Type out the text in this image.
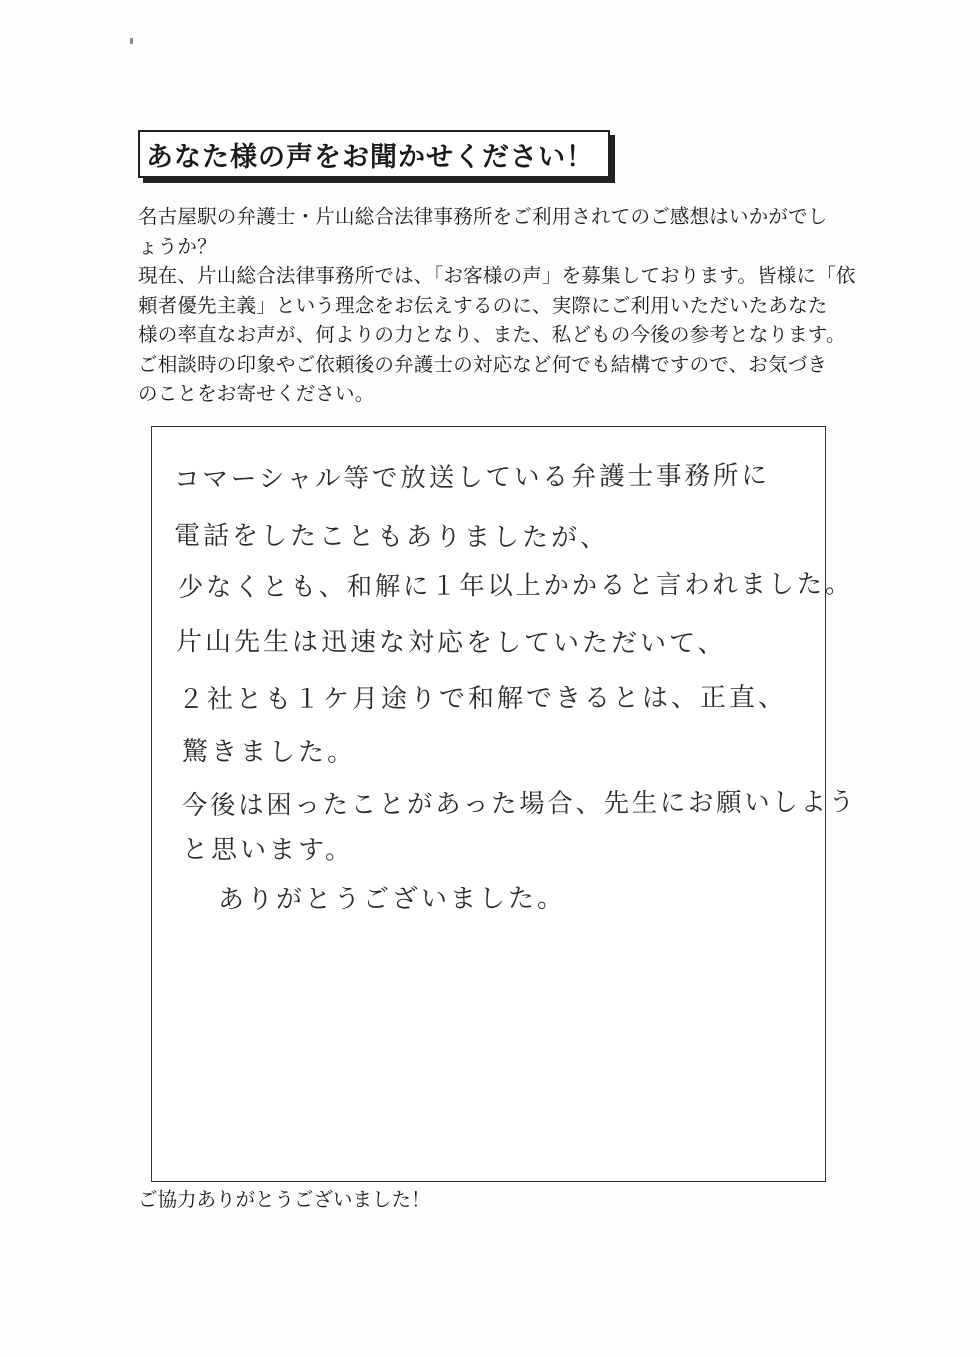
あなた様の声をお聞かせください！
名古屋駅の弁護士・片山総合法律事務所をご利用されてのご感想はいかがでし
ょうか？
現在、片山総合法律事務所では、「お客様の声」を募集しております。皆様に「依
頼者優先主義」という理念をお伝えするのに、実際にご利用いただいたあなた
様の率直なお声が、何よりの力となり、また、私どもの今後の参考となります。
ご相談時の印象やご依頼後の弁護士の対応など何でも結構ですので、お気づき
のことをお寄せください。
コマーシャル等で放送している弁護士事務所に
電話をしたこともありましたが、
少なくとも、和解に１年以上かかると言われました。
片山先生は迅速な対応をしていただいて、
２社とも１ケ月途りで和解できるとは、正直、
驚きました。
今後は困ったことがあった場合、先生にお願いしよう
と思います。
ありがとうございました。
ご協力ありがとうございました！
